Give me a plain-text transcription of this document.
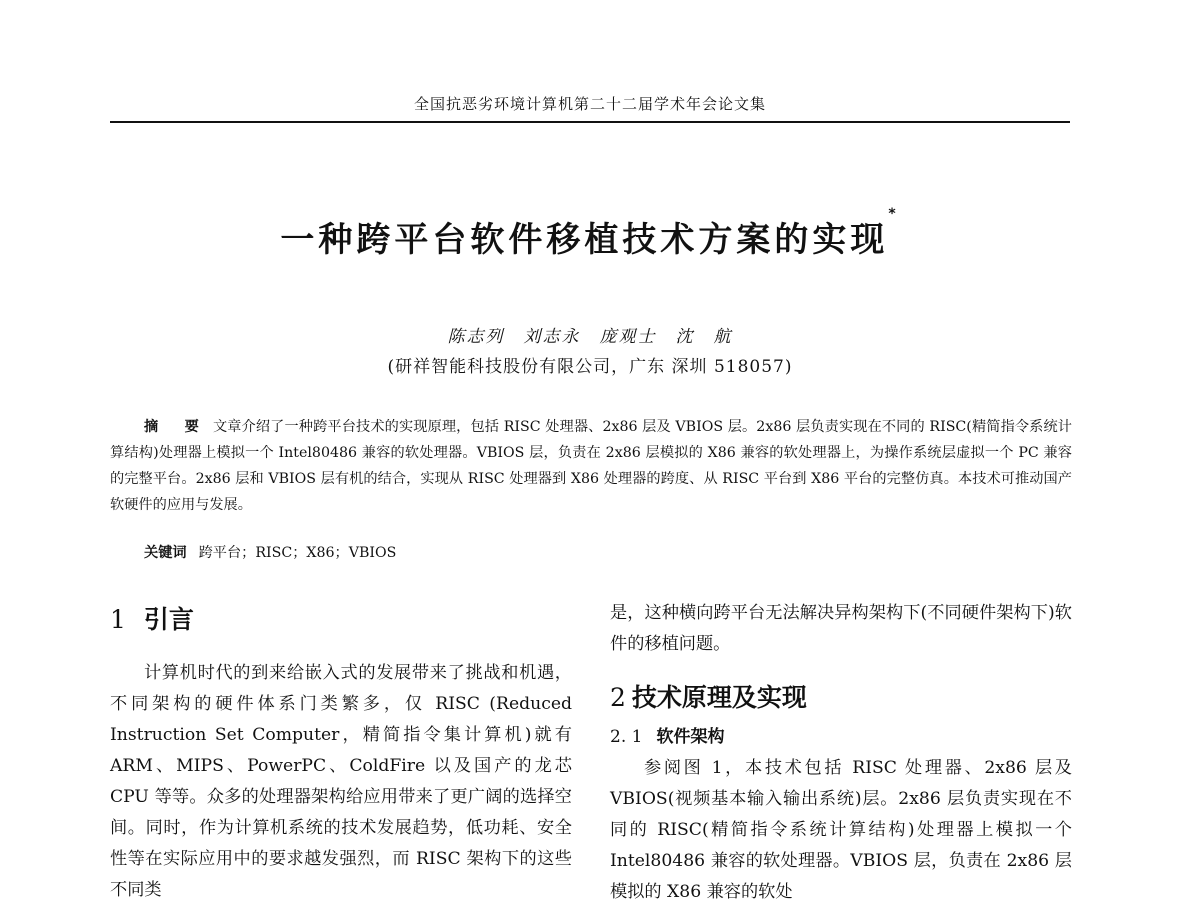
全国抗恶劣环境计算机第二十二届学术年会论文集
一种跨平台软件移植技术方案的实现*
陈志列　刘志永　庞观士　沈　航
(研祥智能科技股份有限公司，广东 深圳 518057)

摘　要 文章介绍了一种跨平台技术的实现原理，包括 RISC 处理器、2x86 层及 VBIOS 层。2x86 层负责实现在不同的 RISC(精简指令系统计算结构)处理器上模拟一个 Intel80486 兼容的软处理器。VBIOS 层，负责在 2x86 层模拟的 X86 兼容的软处理器上，为操作系统层虚拟一个 PC 兼容的完整平台。2x86 层和 VBIOS 层有机的结合，实现从 RISC 处理器到 X86 处理器的跨度、从 RISC 平台到 X86 平台的完整仿真。本技术可推动国产软硬件的应用与发展。

关键词 跨平台；RISC；X86；VBIOS
1 引言

计算机时代的到来给嵌入式的发展带来了挑战和机遇，不同架构的硬件体系门类繁多，仅 RISC (Reduced Instruction Set Computer，精简指令集计算机)就有 ARM、MIPS、PowerPC、ColdFire 以及国产的龙芯 CPU 等等。众多的处理器架构给应用带来了更广阔的选择空间。同时，作为计算机系统的技术发展趋势，低功耗、安全性等在实际应用中的要求越发强烈，而 RISC 架构下的这些不同类

是，这种横向跨平台无法解决异构架构下(不同硬件架构下)软件的移植问题。

2 技术原理及实现
2. 1 软件架构

参阅图 1，本技术包括 RISC 处理器、2x86 层及 VBIOS(视频基本输入输出系统)层。2x86 层负责实现在不同的 RISC(精简指令系统计算结构)处理器上模拟一个 Intel80486 兼容的软处理器。VBIOS 层，负责在 2x86 层模拟的 X86 兼容的软处
